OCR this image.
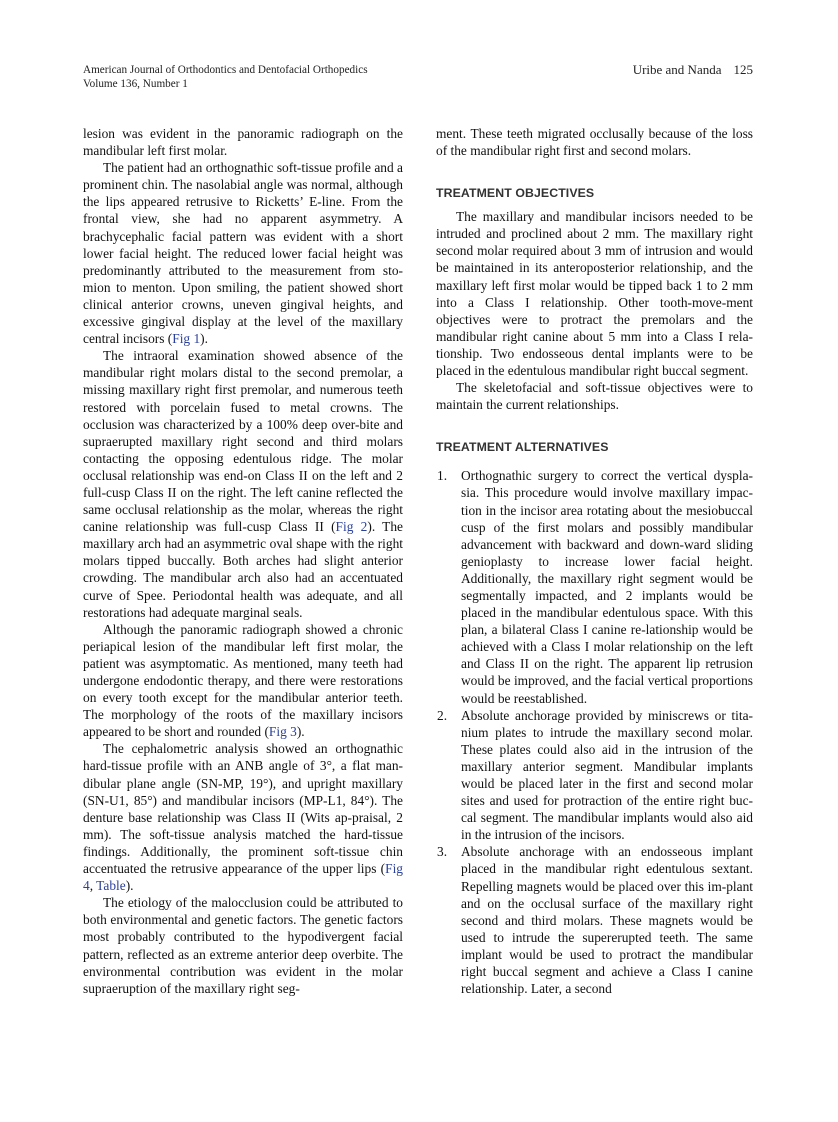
American Journal of Orthodontics and Dentofacial Orthopedics
Volume 136, Number 1
Uribe and Nanda 125

lesion was evident in the panoramic radiograph on the mandibular left first molar.

The patient had an orthognathic soft-tissue profile and a prominent chin. The nasolabial angle was normal, although the lips appeared retrusive to Ricketts’ E-line. From the frontal view, she had no apparent asymmetry. A brachycephalic facial pattern was evident with a short lower facial height. The reduced lower facial height was predominantly attributed to the measurement from sto-mion to menton. Upon smiling, the patient showed short clinical anterior crowns, uneven gingival heights, and excessive gingival display at the level of the maxillary central incisors (Fig 1).

The intraoral examination showed absence of the mandibular right molars distal to the second premolar, a missing maxillary right first premolar, and numerous teeth restored with porcelain fused to metal crowns. The occlusion was characterized by a 100% deep over-bite and supraerupted maxillary right second and third molars contacting the opposing edentulous ridge. The molar occlusal relationship was end-on Class II on the left and 2 full-cusp Class II on the right. The left canine reflected the same occlusal relationship as the molar, whereas the right canine relationship was full-cusp Class II (Fig 2). The maxillary arch had an asymmetric oval shape with the right molars tipped buccally. Both arches had slight anterior crowding. The mandibular arch also had an accentuated curve of Spee. Periodontal health was adequate, and all restorations had adequate marginal seals.

Although the panoramic radiograph showed a chronic periapical lesion of the mandibular left first molar, the patient was asymptomatic. As mentioned, many teeth had undergone endodontic therapy, and there were restorations on every tooth except for the mandibular anterior teeth. The morphology of the roots of the maxillary incisors appeared to be short and rounded (Fig 3).

The cephalometric analysis showed an orthognathic hard-tissue profile with an ANB angle of 3°, a flat man-dibular plane angle (SN-MP, 19°), and upright maxillary (SN-U1, 85°) and mandibular incisors (MP-L1, 84°). The denture base relationship was Class II (Wits ap-praisal, 2 mm). The soft-tissue analysis matched the hard-tissue findings. Additionally, the prominent soft-tissue chin accentuated the retrusive appearance of the upper lips (Fig 4, Table).

The etiology of the malocclusion could be attributed to both environmental and genetic factors. The genetic factors most probably contributed to the hypodivergent facial pattern, reflected as an extreme anterior deep overbite. The environmental contribution was evident in the molar supraeruption of the maxillary right seg-

ment. These teeth migrated occlusally because of the loss of the mandibular right first and second molars.

TREATMENT OBJECTIVES

The maxillary and mandibular incisors needed to be intruded and proclined about 2 mm. The maxillary right second molar required about 3 mm of intrusion and would be maintained in its anteroposterior relationship, and the maxillary left first molar would be tipped back 1 to 2 mm into a Class I relationship. Other tooth-move-ment objectives were to protract the premolars and the mandibular right canine about 5 mm into a Class I rela-tionship. Two endosseous dental implants were to be placed in the edentulous mandibular right buccal segment.

The skeletofacial and soft-tissue objectives were to maintain the current relationships.

TREATMENT ALTERNATIVES
1. Orthognathic surgery to correct the vertical dyspla-sia. This procedure would involve maxillary impac-tion in the incisor area rotating about the mesiobuccal cusp of the first molars and possibly mandibular advancement with backward and down-ward sliding genioplasty to increase lower facial height. Additionally, the maxillary right segment would be segmentally impacted, and 2 implants would be placed in the mandibular edentulous space. With this plan, a bilateral Class I canine re-lationship would be achieved with a Class I molar relationship on the left and Class II on the right. The apparent lip retrusion would be improved, and the facial vertical proportions would be reestablished.
2. Absolute anchorage provided by miniscrews or tita-nium plates to intrude the maxillary second molar. These plates could also aid in the intrusion of the maxillary anterior segment. Mandibular implants would be placed later in the first and second molar sites and used for protraction of the entire right buc-cal segment. The mandibular implants would also aid in the intrusion of the incisors.
3. Absolute anchorage with an endosseous implant placed in the mandibular right edentulous sextant. Repelling magnets would be placed over this im-plant and on the occlusal surface of the maxillary right second and third molars. These magnets would be used to intrude the supererupted teeth. The same implant would be used to protract the mandibular right buccal segment and achieve a Class I canine relationship. Later, a second
